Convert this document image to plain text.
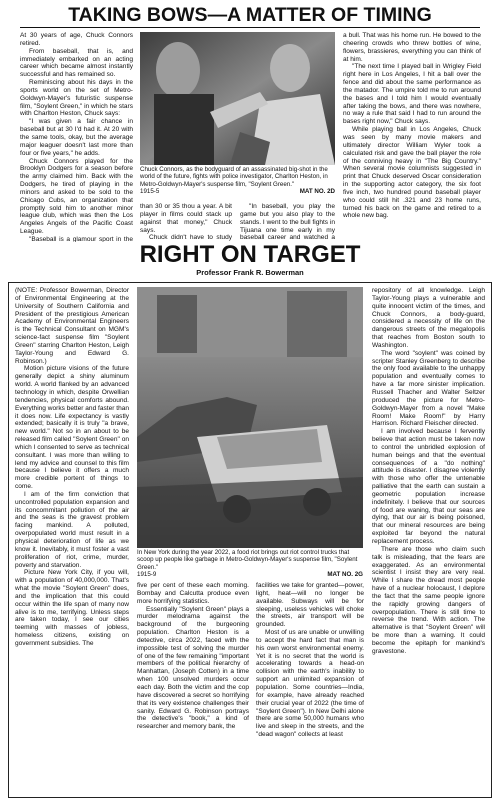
TAKING BOWS—A MATTER OF TIMING

At 30 years of age, Chuck Connors retired.

From baseball, that is, and immediately embarked on an acting career which became almost instantly successful and has remained so.

Reminiscing about his days in the sports world on the set of Metro-Goldwyn-Mayer's futuristic suspense film, "Soylent Green," in which he stars with Charlton Heston, Chuck says:

"I was given a fair chance in baseball but at 30 I'd had it. At 20 with the same tools, okay, but the average major leaguer doesn't last more than four or five years," he adds.

Chuck Connors played for the Brooklyn Dodgers for a season before the army claimed him. Back with the Dodgers, he tired of playing in the minors and asked to be sold to the Chicago Cubs, an organization that promptly sold him to another minor league club, which was then the Los Angeles Angels of the Pacific Coast League.

"Baseball is a glamour sport in the

Chuck Connors, as the bodyguard of an assassinated big-shot in the world of the future, fights with police investigator, Charlton Heston, in Metro-Goldwyn-Mayer's suspense film, "Soylent Green."
1915-5	MAT NO. 2D

than 30 or 35 thou a year. A bit player in films could stack up against that money," Chuck says.

Chuck didn't have to study

"In baseball, you play the game but you also play to the stands. I went to the bull fights in Tijuana one time early in my baseball career and watched a

a bull. That was his home run. He bowed to the cheering crowds who threw bottles of wine, flowers, brassieres, everything you can think of at him.

"The next time I played ball in Wrigley Field right here in Los Angeles, I hit a ball over the fence and did about the same performance as the matador. The umpire told me to run around the bases and I told him I would eventually after taking the bows, and there was nowhere, no way a rule that said I had to run around the bases right now," Chuck says.

While playing ball in Los Angeles, Chuck was seen by many movie makers and ultimately director William Wyler took a calculated risk and gave the ball player the role of the conniving heavy in "The Big Country." When several movie columnists suggested in print that Chuck deserved Oscar consideration in the supporting actor category, the six foot five inch, two hundred pound baseball player who could still hit .321 and 23 home runs, turned his back on the game and retired to a whole new bag.

RIGHT ON TARGET
Professor Frank R. Bowerman

(NOTE: Professor Bowerman, Director of Environmental Engineering at the University of Southern California and President of the prestigious American Academy of Environmental Engineers is the Technical Consultant on MGM's science-fact suspense film "Soylent Green" starring Charlton Heston, Leigh Taylor-Young and Edward G. Robinson.)

Motion picture visions of the future generally depict a shiny aluminum world. A world flanked by an advanced technology in which, despite Orwellian tendencies, physical comforts abound. Everything works better and faster than it does now. Life expectancy is vastly extended; basically it is truly "a brave, new world." Not so in an about to be released film called "Soylent Green" on which I consented to serve as technical consultant. I was more than willing to lend my advice and counsel to this film because I believe it offers a much more credible portent of things to come.

I am of the firm conviction that uncontrolled population expansion and its concommitant pollution of the air and the seas is the gravest problem facing mankind. A polluted, overpopulated world must result in a physical deterioration of life as we know it. Inevitably, it must foster a vast proliferation of riot, crime, murder, poverty and starvation.

Picture New York City, if you will, with a population of 40,000,000. That's what the movie "Soylent Green" does, and the implication that this could occur within the life span of many now alive is to me, terrifying. Unless steps are taken today, I see our cities teeming with masses of jobless, homeless citizens, existing on government subsidies. The

In New York during the year 2022, a food riot brings out riot control trucks that scoop up people like garbage in Metro-Goldwyn-Mayer's suspense film, "Soylent Green."
1915-9	MAT NO. 2G

five per cent of these each morning. Bombay and Calcutta produce even more horrifying statistics.

Essentially "Soylent Green" plays a murder melodrama against the background of the burgeoning population. Charlton Heston is a detective, circa 2022, faced with the impossible test of solving the murder of one of the few remaining "important members of the political hierarchy of Manhattan, (Joseph Cotten) in a time when 100 unsolved murders occur each day. Both the victim and the cop have discovered a secret so horrifying that its very existence challenges their sanity. Edward G. Robinson portrays the detective's "book," a kind of researcher and memory bank, the

facilities we take for granted—power, light, heat—will no longer be available. Subways will be for sleeping, useless vehicles will choke the streets, air transport will be grounded.

Most of us are unable or unwilling to accept the hard fact that man is his own worst environmental enemy. Yet it is no secret that the world is accelerating towards a head-on collision with the earth's inability to support an unlimited expansion of population. Some countries—India, for example, have already reached their crucial year of 2022 (the time of "Soylent Green"). In New Delhi alone there are some 50,000 humans who live and sleep in the streets, and the "dead wagon" collects at least

repository of all knowledge. Leigh Taylor-Young plays a vulnerable and quite innocent victim of the times, and Chuck Connors, a body-guard, considered a necessity of life on the dangerous streets of the megalopolis that reaches from Boston south to Washington.

The word "soylent" was coined by scripter Stanley Greenberg to describe the only food available to the unhappy population and eventually comes to have a far more sinister implication. Russell Thacher and Walter Seltzer produced the picture for Metro-Goldwyn-Mayer from a novel "Make Room! Make Room!" by Harry Harrison. Richard Fleischer directed.

I am involved because I fervently believe that action must be taken now to control the unbridled explosion of human beings and that the eventual consequences of a "do nothing" attitude is disaster. I disagree violently with those who offer the untenable palliative that the earth can sustain a geometric population increase indefinitely. I believe that our sources of food are waning, that our seas are dying, that our air is being poisoned, that our mineral resources are being exploited far beyond the natural replacement process.

There are those who claim such talk is misleading, that the fears are exaggerated. As an environmental scientist I insist they are very real. While I share the dread most people have of a nuclear holocaust, I deplore the fact that the same people ignore the rapidly growing dangers of overpopulation. There is still time to reverse the trend. With action. The alternative is that "Soylent Green" will be more than a warning. It could become the epitaph for mankind's gravestone.
